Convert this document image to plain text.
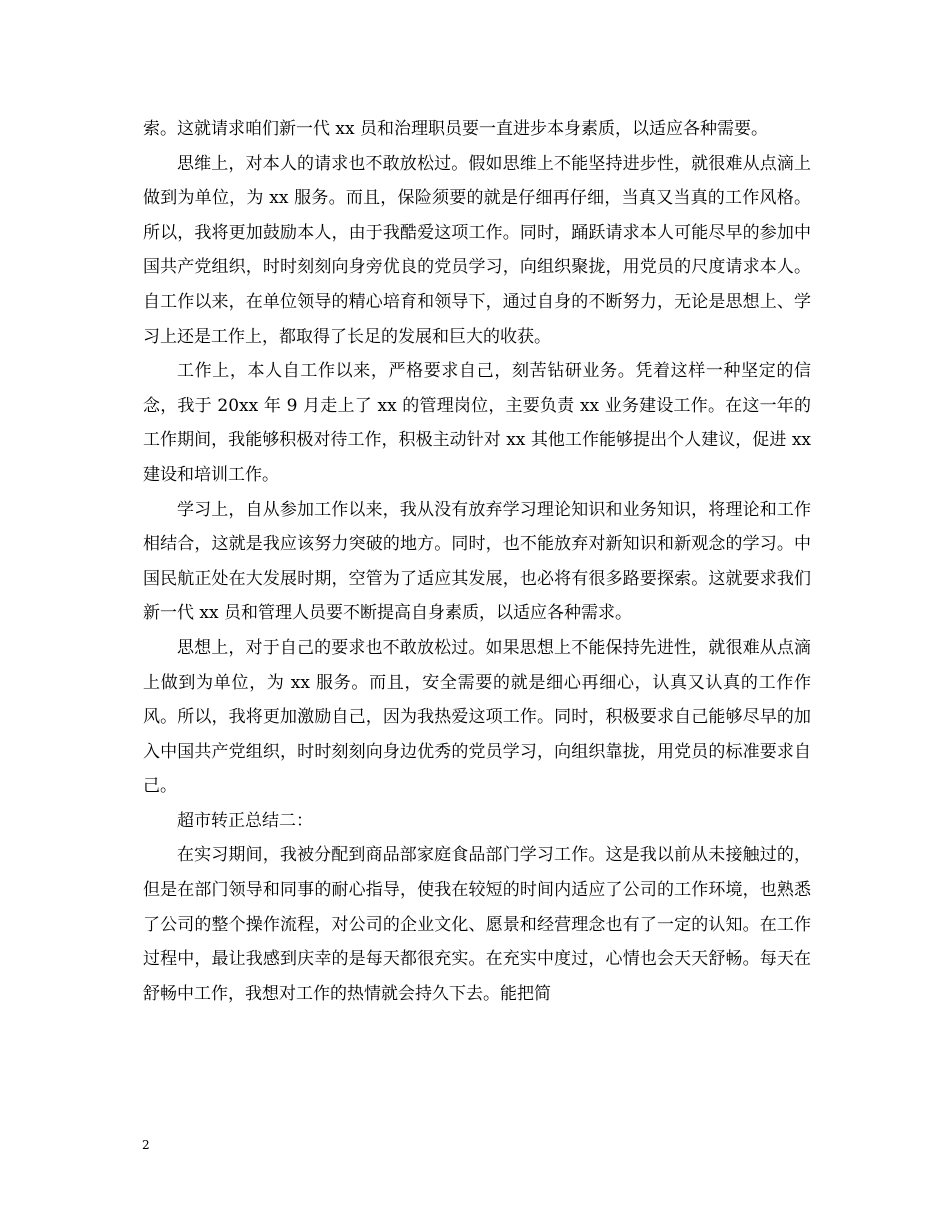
索。这就请求咱们新一代 xx 员和治理职员要一直进步本身素质，以适应各种需要。

思维上，对本人的请求也不敢放松过。假如思维上不能坚持进步性，就很难从点滴上做到为单位，为 xx 服务。而且，保险须要的就是仔细再仔细，当真又当真的工作风格。所以，我将更加鼓励本人，由于我酷爱这项工作。同时，踊跃请求本人可能尽早的参加中国共产党组织，时时刻刻向身旁优良的党员学习，向组织聚拢，用党员的尺度请求本人。 自工作以来，在单位领导的精心培育和领导下，通过自身的不断努力，无论是思想上、学习上还是工作上，都取得了长足的发展和巨大的收获。

工作上，本人自工作以来，严格要求自己，刻苦钻研业务。凭着这样一种坚定的信念，我于 20xx 年 9 月走上了 xx 的管理岗位，主要负责 xx 业务建设工作。在这一年的工作期间，我能够积极对待工作，积极主动针对 xx 其他工作能够提出个人建议，促进 xx 建设和培训工作。

学习上，自从参加工作以来，我从没有放弃学习理论知识和业务知识，将理论和工作相结合，这就是我应该努力突破的地方。同时，也不能放弃对新知识和新观念的学习。中国民航正处在大发展时期，空管为了适应其发展，也必将有很多路要探索。这就要求我们新一代 xx 员和管理人员要不断提高自身素质，以适应各种需求。

思想上，对于自己的要求也不敢放松过。如果思想上不能保持先进性，就很难从点滴上做到为单位，为 xx 服务。而且，安全需要的就是细心再细心，认真又认真的工作作风。所以，我将更加激励自己，因为我热爱这项工作。同时，积极要求自己能够尽早的加入中国共产党组织，时时刻刻向身边优秀的党员学习，向组织靠拢，用党员的标准要求自己。

超市转正总结二：

在实习期间，我被分配到商品部家庭食品部门学习工作。这是我以前从未接触过的，但是在部门领导和同事的耐心指导，使我在较短的时间内适应了公司的工作环境，也熟悉了公司的整个操作流程，对公司的企业文化、愿景和经营理念也有了一定的认知。在工作过程中，最让我感到庆幸的是每天都很充实。在充实中度过，心情也会天天舒畅。每天在舒畅中工作，我想对工作的热情就会持久下去。能把简

2
